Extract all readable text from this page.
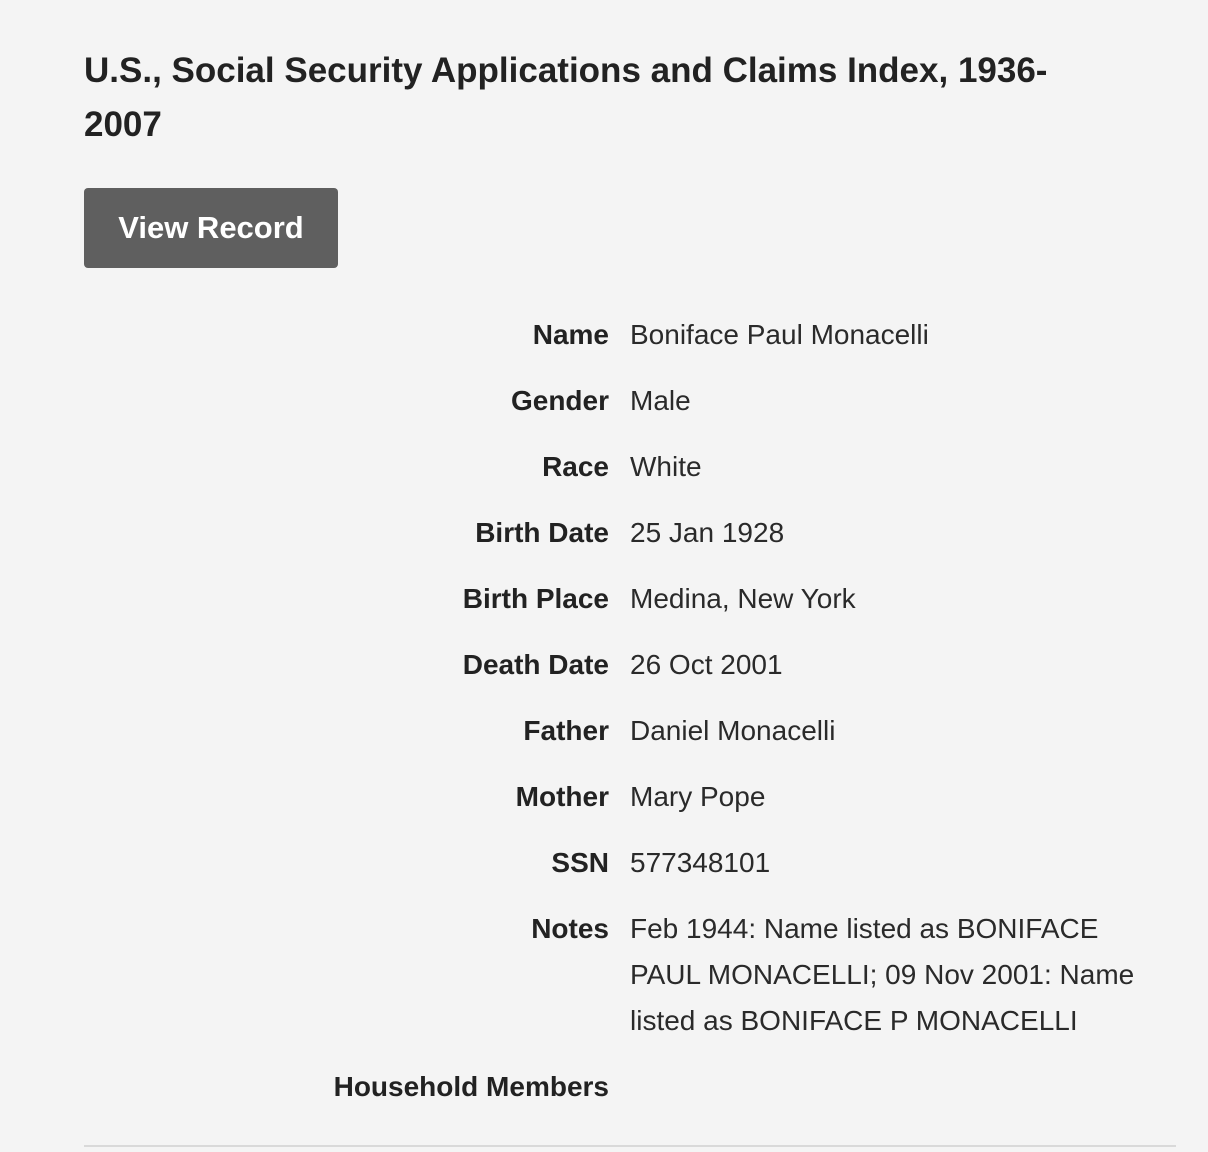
U.S., Social Security Applications and Claims Index, 1936-2007
View Record
Name Boniface Paul Monacelli
Gender Male
Race White
Birth Date 25 Jan 1928
Birth Place Medina, New York
Death Date 26 Oct 2001
Father Daniel Monacelli
Mother Mary Pope
SSN 577348101
Notes Feb 1944: Name listed as BONIFACE PAUL MONACELLI; 09 Nov 2001: Name listed as BONIFACE P MONACELLI
Household Members
